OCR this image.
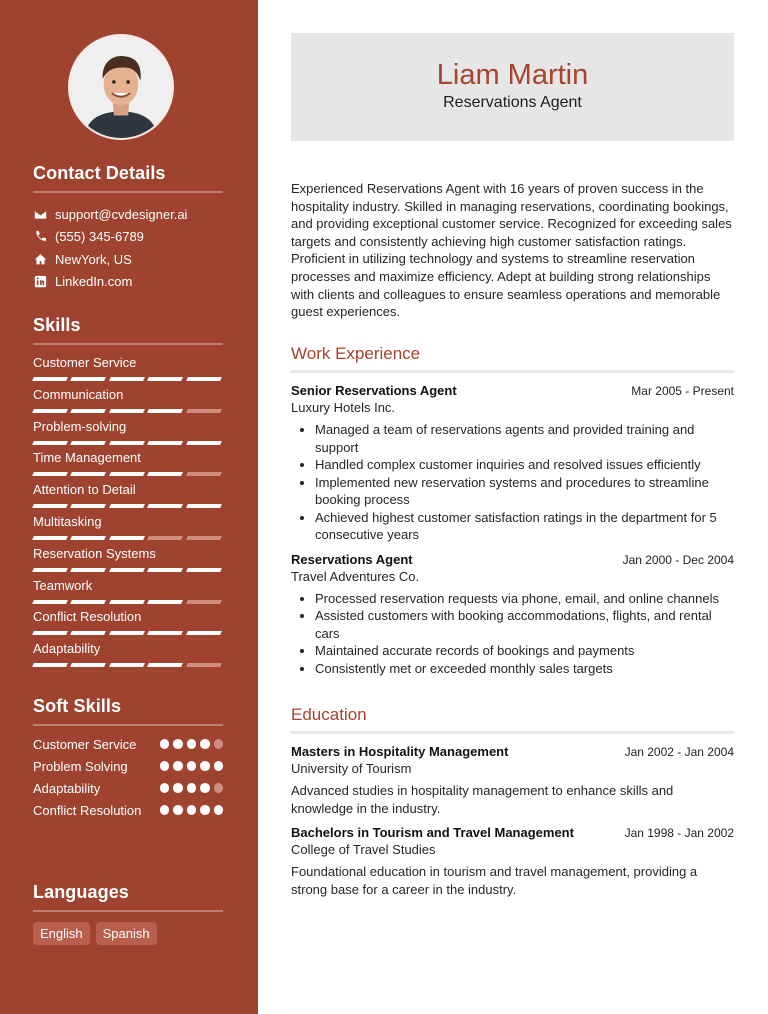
Contact Details
support@cvdesigner.ai
(555) 345-6789
NewYork, US
LinkedIn.com
Skills
Customer Service
Communication
Problem-solving
Time Management
Attention to Detail
Multitasking
Reservation Systems
Teamwork
Conflict Resolution
Adaptability
Soft Skills
Customer Service
Problem Solving
Adaptability
Conflict Resolution
Languages
English	Spanish
Liam Martin
Reservations Agent
Experienced Reservations Agent with 16 years of proven success in the hospitality industry. Skilled in managing reservations, coordinating bookings, and providing exceptional customer service. Recognized for exceeding sales targets and consistently achieving high customer satisfaction ratings. Proficient in utilizing technology and systems to streamline reservation processes and maximize efficiency. Adept at building strong relationships with clients and colleagues to ensure seamless operations and memorable guest experiences.
Work Experience
Senior Reservations Agent	Mar 2005 - Present
Luxury Hotels Inc.
• Managed a team of reservations agents and provided training and support
• Handled complex customer inquiries and resolved issues efficiently
• Implemented new reservation systems and procedures to streamline booking process
• Achieved highest customer satisfaction ratings in the department for 5 consecutive years
Reservations Agent	Jan 2000 - Dec 2004
Travel Adventures Co.
• Processed reservation requests via phone, email, and online channels
• Assisted customers with booking accommodations, flights, and rental cars
• Maintained accurate records of bookings and payments
• Consistently met or exceeded monthly sales targets
Education
Masters in Hospitality Management	Jan 2002 - Jan 2004
University of Tourism
Advanced studies in hospitality management to enhance skills and knowledge in the industry.
Bachelors in Tourism and Travel Management	Jan 1998 - Jan 2002
College of Travel Studies
Foundational education in tourism and travel management, providing a strong base for a career in the industry.
